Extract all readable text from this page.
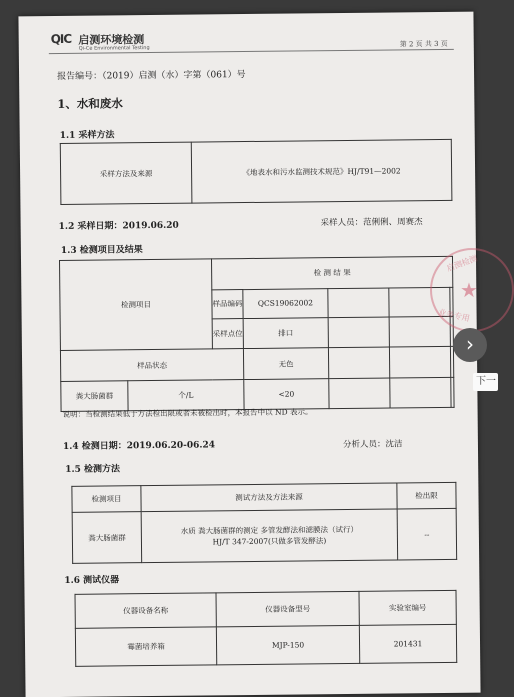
QIC 启测环境检测
Qi-Ce Environmental Testing	第 2 页 共 3 页
报告编号：（2019）启测（水）字第（061）号
1、水和废水
1.1 采样方法
采样方法及来源	《地表水和污水监测技术规范》HJ/T91—2002
1.2 采样日期：2019.06.20	采样人员：范俐俐、周赛杰
1.3 检测项目及结果
检测项目		检 测 结 果				
		样品编码	QCS19062002			
		采样点位	排口			
样品状态			无色			
粪大肠菌群	个/L		<20			
说明：当检测结果低于方法检出限或者未被检出时，本报告中以 ND 表示。
1.4 检测日期：2019.06.20-06.24	分析人员：沈洁
1.5 检测方法
检测项目	测试方法及方法来源	检出限
粪大肠菌群	水质 粪大肠菌群的测定 多管发酵法和滤膜法（试行）
HJ/T 347-2007(只做多管发酵法)	--
1.6 测试仪器
仪器设备名称	仪器设备型号	实验室编号
霉菌培养箱	MJP-150	201431
启测检测
★
业务专用
›
下一
